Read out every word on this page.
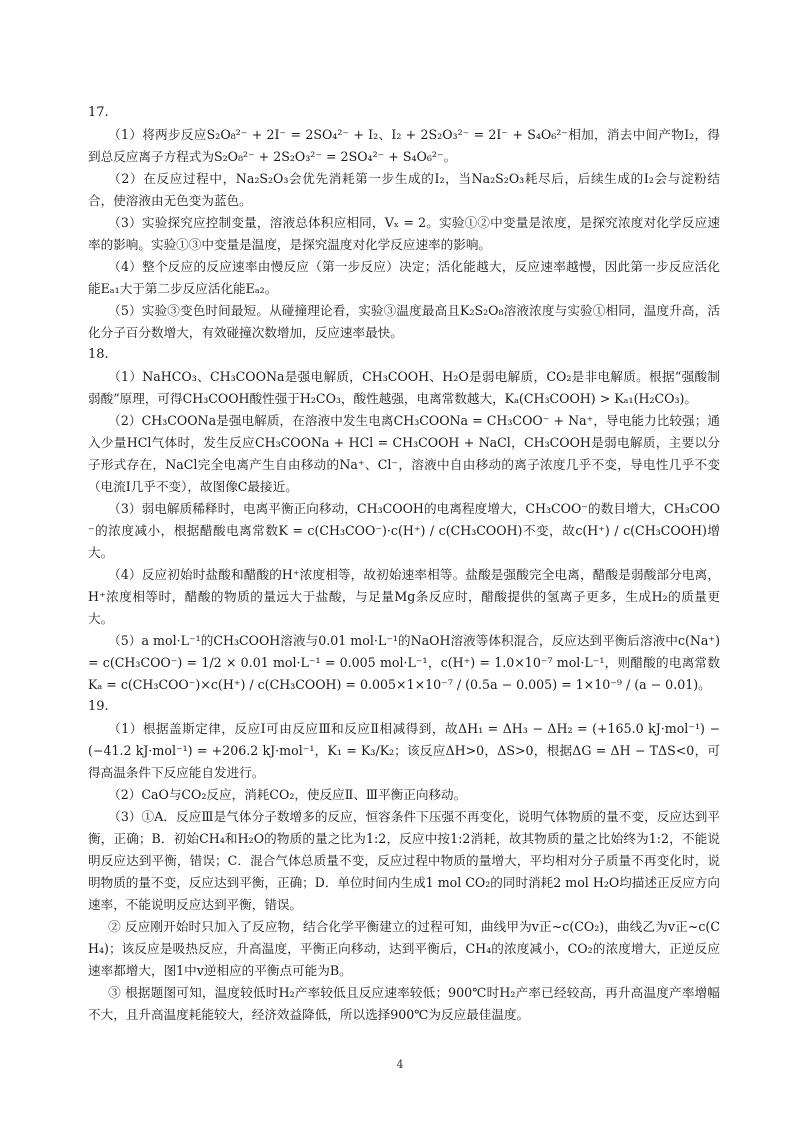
17.

（1）将两步反应S₂O₈²⁻ + 2I⁻ = 2SO₄²⁻ + I₂、I₂ + 2S₂O₃²⁻ = 2I⁻ + S₄O₆²⁻相加，消去中间产物I₂，得到总反应离子方程式为S₂O₈²⁻ + 2S₂O₃²⁻ = 2SO₄²⁻ + S₄O₆²⁻。

（2）在反应过程中，Na₂S₂O₃会优先消耗第一步生成的I₂，当Na₂S₂O₃耗尽后，后续生成的I₂会与淀粉结合，使溶液由无色变为蓝色。

（3）实验探究应控制变量，溶液总体积应相同，Vₓ = 2。实验①②中变量是浓度，是探究浓度对化学反应速率的影响。实验①③中变量是温度，是探究温度对化学反应速率的影响。

（4）整个反应的反应速率由慢反应（第一步反应）决定；活化能越大，反应速率越慢，因此第一步反应活化能Eₐ₁大于第二步反应活化能Eₐ₂。

（5）实验③变色时间最短。从碰撞理论看，实验③温度最高且K₂S₂O₈溶液浓度与实验①相同，温度升高，活化分子百分数增大，有效碰撞次数增加，反应速率最快。

18.

（1）NaHCO₃、CH₃COONa是强电解质，CH₃COOH、H₂O是弱电解质，CO₂是非电解质。根据“强酸制弱酸”原理，可得CH₃COOH酸性强于H₂CO₃，酸性越强，电离常数越大，Kₐ(CH₃COOH) > Kₐ₁(H₂CO₃)。

（2）CH₃COONa是强电解质，在溶液中发生电离CH₃COONa = CH₃COO⁻ + Na⁺，导电能力比较强；通入少量HCl气体时，发生反应CH₃COONa + HCl = CH₃COOH + NaCl，CH₃COOH是弱电解质，主要以分子形式存在，NaCl完全电离产生自由移动的Na⁺、Cl⁻，溶液中自由移动的离子浓度几乎不变，导电性几乎不变（电流I几乎不变），故图像C最接近。

（3）弱电解质稀释时，电离平衡正向移动，CH₃COOH的电离程度增大，CH₃COO⁻的数目增大，CH₃COO⁻的浓度减小，根据醋酸电离常数K = c(CH₃COO⁻)·c(H⁺) / c(CH₃COOH)不变，故c(H⁺) / c(CH₃COOH)增大。

（4）反应初始时盐酸和醋酸的H⁺浓度相等，故初始速率相等。盐酸是强酸完全电离，醋酸是弱酸部分电离，H⁺浓度相等时，醋酸的物质的量远大于盐酸，与足量Mg条反应时，醋酸提供的氢离子更多，生成H₂的质量更大。

（5）a mol·L⁻¹的CH₃COOH溶液与0.01 mol·L⁻¹的NaOH溶液等体积混合，反应达到平衡后溶液中c(Na⁺) = c(CH₃COO⁻) = 1/2 × 0.01 mol·L⁻¹ = 0.005 mol·L⁻¹，c(H⁺) = 1.0×10⁻⁷ mol·L⁻¹，则醋酸的电离常数Kₐ = c(CH₃COO⁻)×c(H⁺) / c(CH₃COOH) = 0.005×1×10⁻⁷ / (0.5a − 0.005) = 1×10⁻⁹ / (a − 0.01)。

19.

（1）根据盖斯定律，反应Ⅰ可由反应Ⅲ和反应Ⅱ相减得到，故ΔH₁ = ΔH₃ − ΔH₂ = (+165.0 kJ·mol⁻¹) − (−41.2 kJ·mol⁻¹) = +206.2 kJ·mol⁻¹，K₁ = K₃/K₂；该反应ΔH>0，ΔS>0，根据ΔG = ΔH − TΔS<0，可得高温条件下反应能自发进行。

（2）CaO与CO₂反应，消耗CO₂，使反应Ⅱ、Ⅲ平衡正向移动。

（3）①A．反应Ⅲ是气体分子数增多的反应，恒容条件下压强不再变化，说明气体物质的量不变，反应达到平衡，正确；B．初始CH₄和H₂O的物质的量之比为1:2，反应中按1:2消耗，故其物质的量之比始终为1:2，不能说明反应达到平衡，错误；C．混合气体总质量不变，反应过程中物质的量增大，平均相对分子质量不再变化时，说明物质的量不变，反应达到平衡，正确；D．单位时间内生成1 mol CO₂的同时消耗2 mol H₂O均描述正反应方向速率，不能说明反应达到平衡，错误。

② 反应刚开始时只加入了反应物，结合化学平衡建立的过程可知，曲线甲为v正~c(CO₂)，曲线乙为v正~c(CH₄)；该反应是吸热反应，升高温度，平衡正向移动，达到平衡后，CH₄的浓度减小，CO₂的浓度增大，正逆反应速率都增大，图1中v逆相应的平衡点可能为B。

③ 根据题图可知，温度较低时H₂产率较低且反应速率较低；900℃时H₂产率已经较高，再升高温度产率增幅不大，且升高温度耗能较大，经济效益降低，所以选择900℃为反应最佳温度。

4
